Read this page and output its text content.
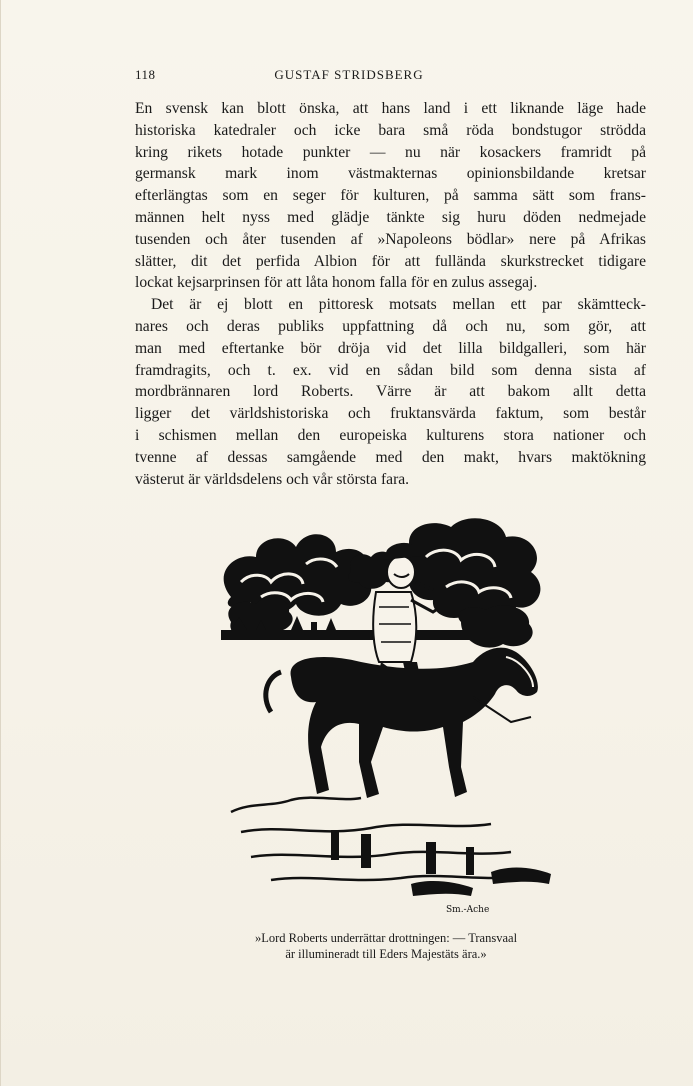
118	GUSTAF STRIDSBERG
En svensk kan blott önska, att hans land i ett liknande läge hade
historiska katedraler och icke bara små röda bondstugor strödda
kring rikets hotade punkter — nu när kosackers framridt på
germansk mark inom västmakternas opinionsbildande kretsar
efterlängtas som en seger för kulturen, på samma sätt som frans-
männen helt nyss med glädje tänkte sig huru döden nedmejade
tusenden och åter tusenden af »Napoleons bödlar» nere på Afrikas
slätter, dit det perfida Albion för att fullända skurkstrecket tidigare
lockat kejsarprinsen för att låta honom falla för en zulus assegaj.
Det är ej blott en pittoresk motsats mellan ett par skämtteck-
nares och deras publiks uppfattning då och nu, som gör, att
man med eftertanke bör dröja vid det lilla bildgalleri, som här
framdragits, och t. ex. vid en sådan bild som denna sista af
mordbrännaren lord Roberts. Värre är att bakom allt detta
ligger det världshistoriska och fruktansvärda faktum, som består
i schismen mellan den europeiska kulturens stora nationer och
tvenne af dessas samgående med den makt, hvars maktökning
västerut är världsdelens och vår största fara.
Sm.-Ache
»Lord Roberts underrättar drottningen: — Transvaal
är illumineradt till Eders Majestäts ära.»
